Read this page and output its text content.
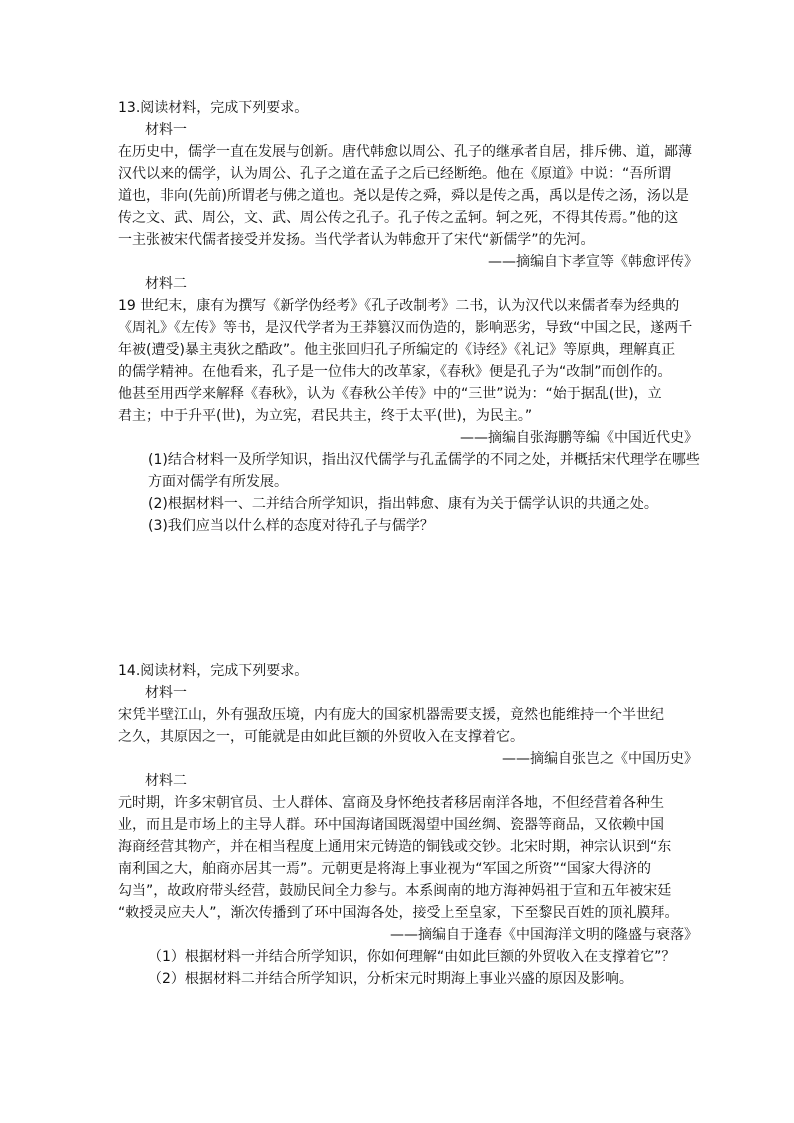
13.阅读材料，完成下列要求。
材料一
在历史中，儒学一直在发展与创新。唐代韩愈以周公、孔子的继承者自居，排斥佛、道，鄙薄
汉代以来的儒学，认为周公、孔子之道在孟子之后已经断绝。他在《原道》中说：“吾所谓
道也，非向(先前)所谓老与佛之道也。尧以是传之舜，舜以是传之禹，禹以是传之汤，汤以是
传之文、武、周公，文、武、周公传之孔子。孔子传之孟轲。轲之死，不得其传焉。”他的这
一主张被宋代儒者接受并发扬。当代学者认为韩愈开了宋代“新儒学”的先河。
——摘编自卞孝宣等《韩愈评传》
材料二
19 世纪末，康有为撰写《新学伪经考》《孔子改制考》二书，认为汉代以来儒者奉为经典的
《周礼》《左传》等书，是汉代学者为王莽篡汉而伪造的，影响恶劣，导致“中国之民，遂两千
年被(遭受)暴主夷狄之酷政”。他主张回归孔子所编定的《诗经》《礼记》等原典，理解真正
的儒学精神。在他看来，孔子是一位伟大的改革家，《春秋》便是孔子为“改制”而创作的。
他甚至用西学来解释《春秋》，认为《春秋公羊传》中的“三世”说为：“始于据乱(世)，立
君主；中于升平(世)，为立宪，君民共主，终于太平(世)，为民主。”
——摘编自张海鹏等编《中国近代史》
(1)结合材料一及所学知识，指出汉代儒学与孔孟儒学的不同之处，并概括宋代理学在哪些
方面对儒学有所发展。
(2)根据材料一、二并结合所学知识，指出韩愈、康有为关于儒学认识的共通之处。
(3)我们应当以什么样的态度对待孔子与儒学？
14.阅读材料，完成下列要求。
材料一
宋凭半壁江山，外有强敌压境，内有庞大的国家机器需要支援，竟然也能维持一个半世纪
之久，其原因之一，可能就是由如此巨额的外贸收入在支撑着它。
——摘编自张岂之《中国历史》
材料二
元时期，许多宋朝官员、士人群体、富商及身怀绝技者移居南洋各地，不但经营着各种生
业，而且是市场上的主导人群。环中国海诸国既渴望中国丝绸、瓷器等商品，又依赖中国
海商经营其物产，并在相当程度上通用宋元铸造的铜钱或交钞。北宋时期，神宗认识到“东
南利国之大，舶商亦居其一焉”。元朝更是将海上事业视为“军国之所资”“国家大得济的
勾当”，故政府带头经营，鼓励民间全力参与。本系闽南的地方海神妈祖于宣和五年被宋廷
“敕授灵应夫人”，渐次传播到了环中国海各处，接受上至皇家，下至黎民百姓的顶礼膜拜。
——摘编自于逢春《中国海洋文明的隆盛与衰落》
（1）根据材料一并结合所学知识，你如何理解“由如此巨额的外贸收入在支撑着它”？
（2）根据材料二并结合所学知识，分析宋元时期海上事业兴盛的原因及影响。
